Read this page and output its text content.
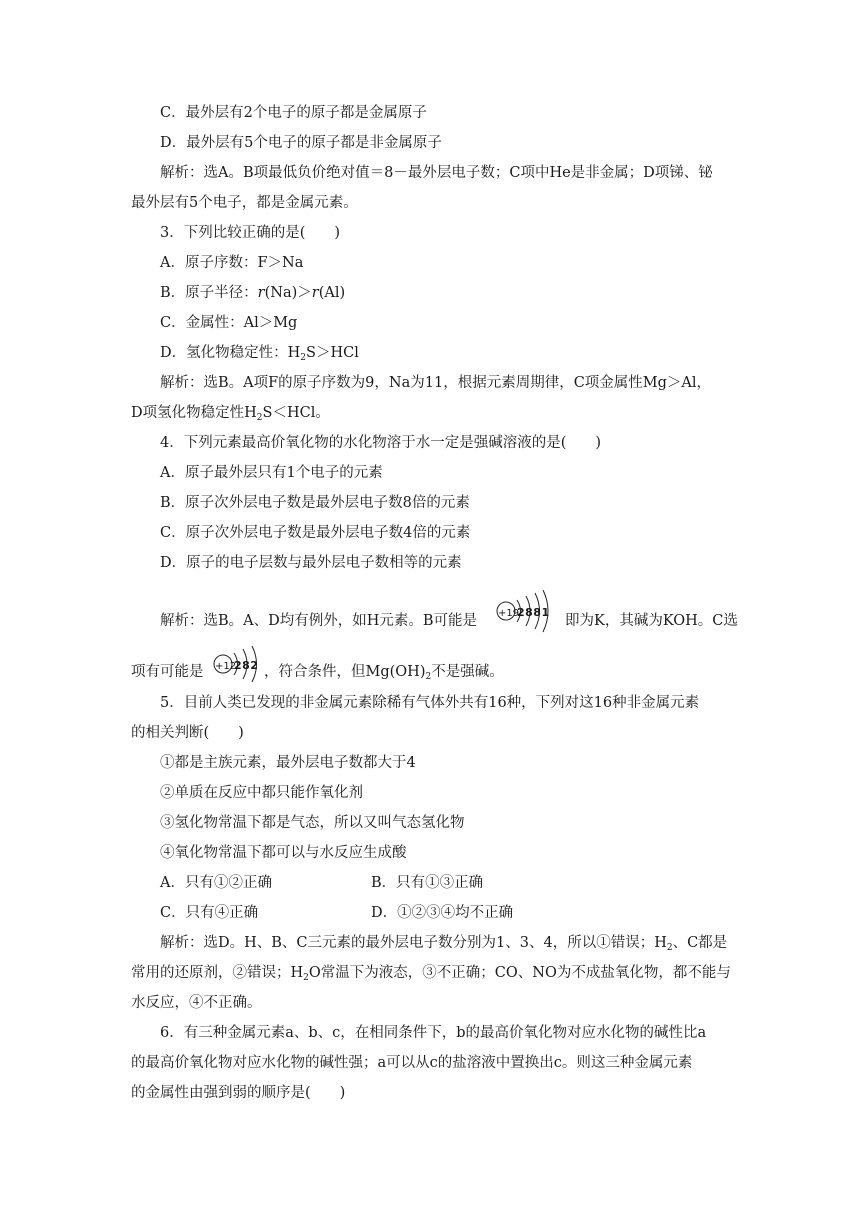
C．最外层有2个电子的原子都是金属原子
D．最外层有5个电子的原子都是非金属原子
解析：选A。B项最低负价绝对值＝8－最外层电子数；C项中He是非金属；D项锑、铋
最外层有5个电子，都是金属元素。
3．下列比较正确的是(　　)
A．原子序数：F＞Na
B．原子半径：r(Na)＞r(Al)
C．金属性：Al＞Mg
D．氢化物稳定性：$H_2S>HCl$
解析：选B。A项F的原子序数为9，Na为11，根据元素周期律，C项金属性Mg＞Al，
D项氢化物稳定性$H_2S<HCl$。
4．下列元素最高价氧化物的水化物溶于水一定是强碱溶液的是(　　)
A．原子最外层只有1个电子的元素
B．原子次外层电子数是最外层电子数8倍的元素
C．原子次外层电子数是最外层电子数4倍的元素
D．原子的电子层数与最外层电子数相等的元素
解析：选B。A、D均有例外，如H元素。B可能是 +19
2881
即为K，其碱为KOH。C选
项有可能是 +12
282 ，符合条件，但$Mg(OH)_2$不是强碱。
5．目前人类已发现的非金属元素除稀有气体外共有16种，下列对这16种非金属元素
的相关判断(　　)
①都是主族元素，最外层电子数都大于4
②单质在反应中都只能作氧化剂
③氢化物常温下都是气态，所以又叫气态氢化物
④氧化物常温下都可以与水反应生成酸
A．只有①②正确	B．只有①③正确
C．只有④正确	D．①②③④均不正确
解析：选D。H、B、C三元素的最外层电子数分别为1、3、4，所以①错误；$H_2$、C都是
常用的还原剂，②错误；$H_2O$常温下为液态，③不正确；CO、NO为不成盐氧化物，都不能与
水反应，④不正确。
6．有三种金属元素a、b、c，在相同条件下，b的最高价氧化物对应水化物的碱性比a
的最高价氧化物对应水化物的碱性强；a可以从c的盐溶液中置换出c。则这三种金属元素
的金属性由强到弱的顺序是(　　)
